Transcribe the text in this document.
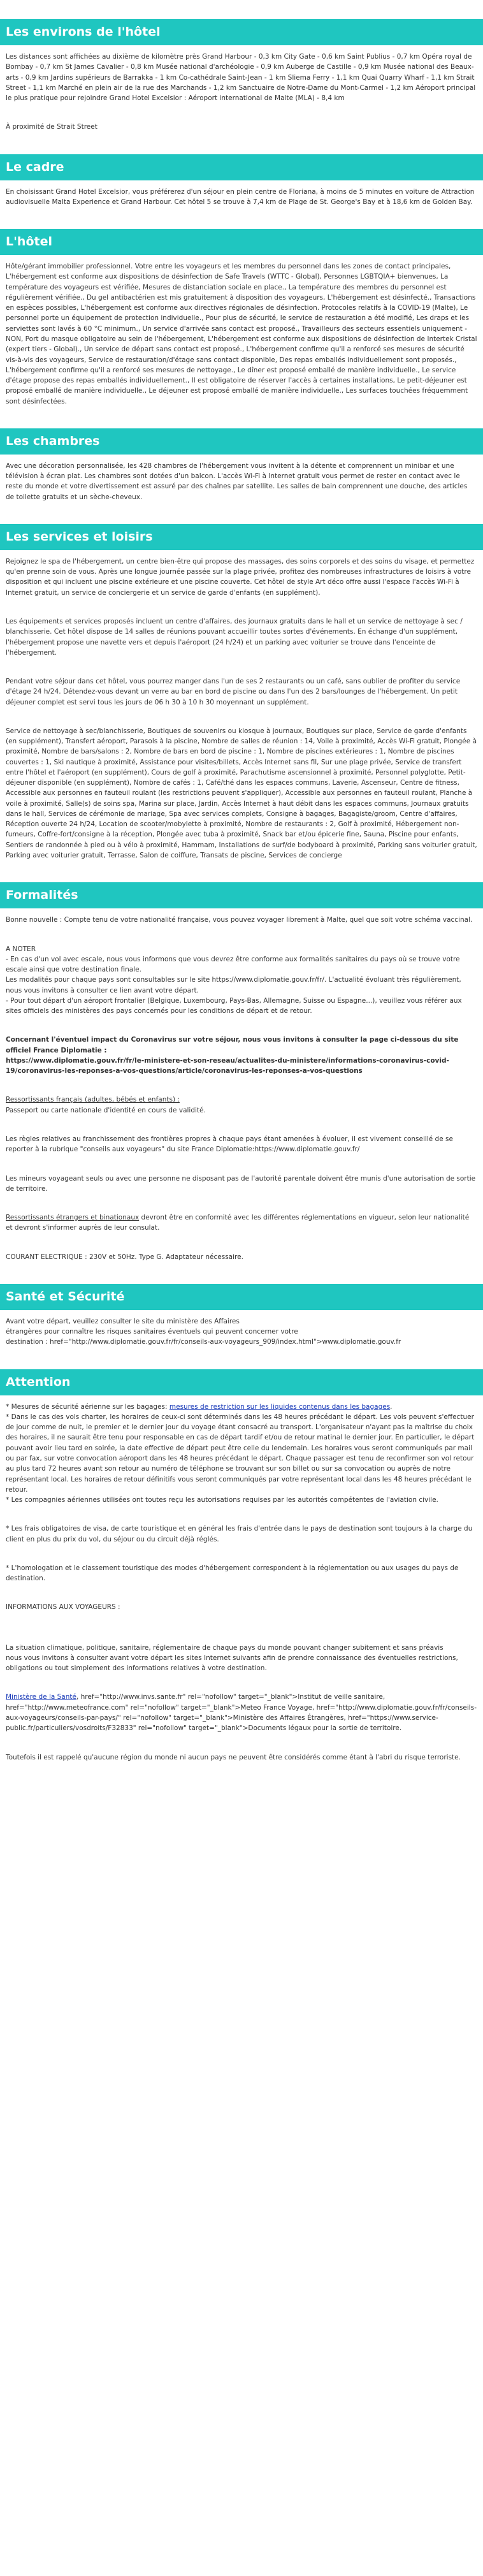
Les environs de l'hôtel

Les distances sont affichées au dixième de kilomètre près Grand Harbour - 0,3 km City Gate - 0,6 km Saint Publius - 0,7 km Opéra royal de Bombay - 0,7 km St James Cavalier - 0,8 km Musée national d'archéologie - 0,9 km Auberge de Castille - 0,9 km Musée national des Beaux-arts - 0,9 km Jardins supérieurs de Barrakka - 1 km Co-cathédrale Saint-Jean - 1 km Sliema Ferry - 1,1 km Quai Quarry Wharf - 1,1 km Strait Street - 1,1 km Marché en plein air de la rue des Marchands - 1,2 km Sanctuaire de Notre-Dame du Mont-Carmel - 1,2 km Aéroport principal le plus pratique pour rejoindre Grand Hotel Excelsior : Aéroport international de Malte (MLA) - 8,4 km

À proximité de Strait Street

Le cadre

En choisissant Grand Hotel Excelsior, vous préférerez d'un séjour en plein centre de Floriana, à moins de 5 minutes en voiture de Attraction audiovisuelle Malta Experience et Grand Harbour. Cet hôtel 5 se trouve à 7,4 km de Plage de St. George's Bay et à 18,6 km de Golden Bay.

L'hôtel

Hôte/gérant immobilier professionnel. Votre entre les voyageurs et les membres du personnel dans les zones de contact principales, L'hébergement est conforme aux dispositions de désinfection de Safe Travels (WTTC - Global), Personnes LGBTQIA+ bienvenues, La température des voyageurs est vérifiée, Mesures de distanciation sociale en place., La température des membres du personnel est régulièrement vérifiée., Du gel antibactérien est mis gratuitement à disposition des voyageurs, L'hébergement est désinfecté., Transactions en espèces possibles, L'hébergement est conforme aux directives régionales de désinfection. Protocoles relatifs à la COVID-19 (Malte), Le personnel porte un équipement de protection individuelle., Pour plus de sécurité, le service de restauration a été modifié, Les draps et les serviettes sont lavés à 60 °C minimum., Un service d'arrivée sans contact est proposé., Travailleurs des secteurs essentiels uniquement - NON, Port du masque obligatoire au sein de l'hébergement, L'hébergement est conforme aux dispositions de désinfection de Intertek Cristal (expert tiers - Global)., Un service de départ sans contact est proposé., L'hébergement confirme qu'il a renforcé ses mesures de sécurité vis-à-vis des voyageurs, Service de restauration/d'étage sans contact disponible, Des repas emballés individuellement sont proposés., L'hébergement confirme qu'il a renforcé ses mesures de nettoyage., Le dîner est proposé emballé de manière individuelle., Le service d'étage propose des repas emballés individuellement., Il est obligatoire de réserver l'accès à certaines installations, Le petit-déjeuner est proposé emballé de manière individuelle., Le déjeuner est proposé emballé de manière individuelle., Les surfaces touchées fréquemment sont désinfectées.

Les chambres

Avec une décoration personnalisée, les 428 chambres de l'hébergement vous invitent à la détente et comprennent un minibar et une télévision à écran plat. Les chambres sont dotées d'un balcon. L'accès Wi-Fi à Internet gratuit vous permet de rester en contact avec le reste du monde et votre divertissement est assuré par des chaînes par satellite. Les salles de bain comprennent une douche, des articles de toilette gratuits et un sèche-cheveux.

Les services et loisirs

Rejoignez le spa de l'hébergement, un centre bien-être qui propose des massages, des soins corporels et des soins du visage, et permettez qu'en prenne soin de vous. Après une longue journée passée sur la plage privée, profitez des nombreuses infrastructures de loisirs à votre disposition et qui incluent une piscine extérieure et une piscine couverte. Cet hôtel de style Art déco offre aussi l'espace l'accès Wi-Fi à Internet gratuit, un service de conciergerie et un service de garde d'enfants (en supplément).

Les équipements et services proposés incluent un centre d'affaires, des journaux gratuits dans le hall et un service de nettoyage à sec / blanchisserie. Cet hôtel dispose de 14 salles de réunions pouvant accueillir toutes sortes d'événements. En échange d'un supplément, l'hébergement propose une navette vers et depuis l'aéroport (24 h/24) et un parking avec voiturier se trouve dans l'enceinte de l'hébergement.

Pendant votre séjour dans cet hôtel, vous pourrez manger dans l'un de ses 2 restaurants ou un café, sans oublier de profiter du service d'étage 24 h/24. Détendez-vous devant un verre au bar en bord de piscine ou dans l'un des 2 bars/lounges de l'hébergement. Un petit déjeuner complet est servi tous les jours de 06 h 30 à 10 h 30 moyennant un supplément.

Service de nettoyage à sec/blanchisserie, Boutiques de souvenirs ou kiosque à journaux, Boutiques sur place, Service de garde d'enfants (en supplément), Transfert aéroport, Parasols à la piscine, Nombre de salles de réunion : 14, Voile à proximité, Accès Wi-Fi gratuit, Plongée à proximité, Nombre de bars/salons : 2, Nombre de bars en bord de piscine : 1, Nombre de piscines extérieures : 1, Nombre de piscines couvertes : 1, Ski nautique à proximité, Assistance pour visites/billets, Accès Internet sans fil, Sur une plage privée, Service de transfert entre l'hôtel et l'aéroport (en supplément), Cours de golf à proximité, Parachutisme ascensionnel à proximité, Personnel polyglotte, Petit-déjeuner disponible (en supplément), Nombre de cafés : 1, Café/thé dans les espaces communs, Laverie, Ascenseur, Centre de fitness, Accessible aux personnes en fauteuil roulant (les restrictions peuvent s'appliquer), Accessible aux personnes en fauteuil roulant, Planche à voile à proximité, Salle(s) de soins spa, Marina sur place, Jardin, Accès Internet à haut débit dans les espaces communs, Journaux gratuits dans le hall, Services de cérémonie de mariage, Spa avec services complets, Consigne à bagages, Bagagiste/groom, Centre d'affaires, Réception ouverte 24 h/24, Location de scooter/mobylette à proximité, Nombre de restaurants : 2, Golf à proximité, Hébergement non-fumeurs, Coffre-fort/consigne à la réception, Plongée avec tuba à proximité, Snack bar et/ou épicerie fine, Sauna, Piscine pour enfants, Sentiers de randonnée à pied ou à vélo à proximité, Hammam, Installations de surf/de bodyboard à proximité, Parking sans voiturier gratuit, Parking avec voiturier gratuit, Terrasse, Salon de coiffure, Transats de piscine, Services de concierge

Formalités

Bonne nouvelle : Compte tenu de votre nationalité française, vous pouvez voyager librement à Malte, quel que soit votre schéma vaccinal.

A NOTER

- En cas d'un vol avec escale, nous vous informons que vous devrez être conforme aux formalités sanitaires du pays où se trouve votre escale ainsi que votre destination finale.
Les modalités pour chaque pays sont consultables sur le site https://www.diplomatie.gouv.fr/fr/. L'actualité évoluant très régulièrement, nous vous invitons à consulter ce lien avant votre départ.
- Pour tout départ d'un aéroport frontalier (Belgique, Luxembourg, Pays-Bas, Allemagne, Suisse ou Espagne...), veuillez vous référer aux sites officiels des ministères des pays concernés pour les conditions de départ et de retour.

Concernant l'éventuel impact du Coronavirus sur votre séjour, nous vous invitons à consulter la page ci-dessous du site officiel France Diplomatie :
https://www.diplomatie.gouv.fr/fr/le-ministere-et-son-reseau/actualites-du-ministere/informations-coronavirus-covid-19/coronavirus-les-reponses-a-vos-questions/article/coronavirus-les-reponses-a-vos-questions

Ressortissants français (adultes, bébés et enfants) :
Passeport ou carte nationale d'identité en cours de validité.

Les règles relatives au franchissement des frontières propres à chaque pays étant amenées à évoluer, il est vivement conseillé de se reporter à la rubrique "conseils aux voyageurs" du site France Diplomatie:https://www.diplomatie.gouv.fr/

Les mineurs voyageant seuls ou avec une personne ne disposant pas de l'autorité parentale doivent être munis d'une autorisation de sortie de territoire.

Ressortissants étrangers et binationaux devront être en conformité avec les différentes réglementations en vigueur, selon leur nationalité et devront s'informer auprès de leur consulat.

COURANT ELECTRIQUE : 230V et 50Hz. Type G. Adaptateur nécessaire.

Santé et Sécurité

Avant votre départ, veuillez consulter le site du ministère des Affaires
étrangères pour connaître les risques sanitaires éventuels qui peuvent concerner votre
destination : href="http://www.diplomatie.gouv.fr/fr/conseils-aux-voyageurs_909/index.html">www.diplomatie.gouv.fr

Attention

* Mesures de sécurité aérienne sur les bagages: mesures de restriction sur les liquides contenus dans les bagages.
* Dans le cas des vols charter, les horaires de ceux-ci sont déterminés dans les 48 heures précédant le départ. Les vols peuvent s'effectuer de jour comme de nuit, le premier et le dernier jour du voyage étant consacré au transport. L'organisateur n'ayant pas la maîtrise du choix des horaires, il ne saurait être tenu pour responsable en cas de départ tardif et/ou de retour matinal le dernier jour. En particulier, le départ pouvant avoir lieu tard en soirée, la date effective de départ peut être celle du lendemain. Les horaires vous seront communiqués par mail ou par fax, sur votre convocation aéroport dans les 48 heures précédant le départ. Chaque passager est tenu de reconfirmer son vol retour au plus tard 72 heures avant son retour au numéro de téléphone se trouvant sur son billet ou sur sa convocation ou auprès de notre représentant local. Les horaires de retour définitifs vous seront communiqués par votre représentant local dans les 48 heures précédant le retour.
* Les compagnies aériennes utilisées ont toutes reçu les autorisations requises par les autorités compétentes de l'aviation civile.

* Les frais obligatoires de visa, de carte touristique et en général les frais d'entrée dans le pays de destination sont toujours à la charge du client en plus du prix du vol, du séjour ou du circuit déjà réglés.

* L'homologation et le classement touristique des modes d'hébergement correspondent à la réglementation ou aux usages du pays de destination.

INFORMATIONS AUX VOYAGEURS :

La situation climatique, politique, sanitaire, réglementaire de chaque pays du monde pouvant changer subitement et sans préavis
nous vous invitons à consulter avant votre départ les sites Internet suivants afin de prendre connaissance des éventuelles restrictions, obligations ou tout simplement des informations relatives à votre destination.

Ministère de la Santé, href="http://www.invs.sante.fr" rel="nofollow" target="_blank">Institut de veille sanitaire, href="http://www.meteofrance.com" rel="nofollow" target="_blank">Meteo France Voyage, href="http://www.diplomatie.gouv.fr/fr/conseils-aux-voyageurs/conseils-par-pays/" rel="nofollow" target="_blank">Ministère des Affaires Étrangères, href="https://www.service-public.fr/particuliers/vosdroits/F32833" rel="nofollow" target="_blank">Documents légaux pour la sortie de territoire.

Toutefois il est rappelé qu'aucune région du monde ni aucun pays ne peuvent être considérés comme étant à l'abri du risque terroriste.
